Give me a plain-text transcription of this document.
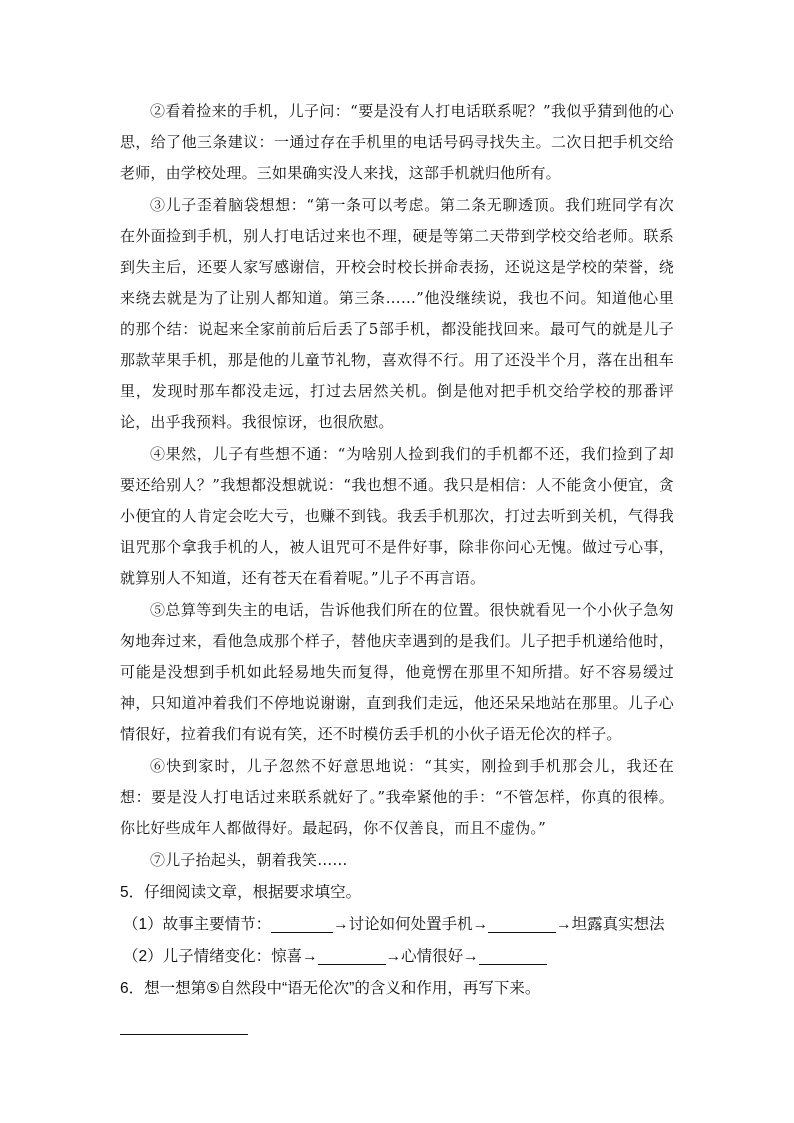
②看着捡来的手机，儿子问：“要是没有人打电话联系呢？”我似乎猜到他的心思，给了他三条建议：一通过存在手机里的电话号码寻找失主。二次日把手机交给老师，由学校处理。三如果确实没人来找，这部手机就归他所有。

③儿子歪着脑袋想想：“第一条可以考虑。第二条无聊透顶。我们班同学有次在外面捡到手机，别人打电话过来也不理，硬是等第二天带到学校交给老师。联系到失主后，还要人家写感谢信，开校会时校长拼命表扬，还说这是学校的荣誉，绕来绕去就是为了让别人都知道。第三条……”他没继续说，我也不问。知道他心里的那个结：说起来全家前前后后丢了5部手机，都没能找回来。最可气的就是儿子那款苹果手机，那是他的儿童节礼物，喜欢得不行。用了还没半个月，落在出租车里，发现时那车都没走远，打过去居然关机。倒是他对把手机交给学校的那番评论，出乎我预料。我很惊讶，也很欣慰。

④果然，儿子有些想不通：“为啥别人捡到我们的手机都不还，我们捡到了却要还给别人？”我想都没想就说：“我也想不通。我只是相信：人不能贪小便宜，贪小便宜的人肯定会吃大亏，也赚不到钱。我丢手机那次，打过去听到关机，气得我诅咒那个拿我手机的人，被人诅咒可不是件好事，除非你问心无愧。做过亏心事，就算别人不知道，还有苍天在看着呢。”儿子不再言语。

⑤总算等到失主的电话，告诉他我们所在的位置。很快就看见一个小伙子急匆匆地奔过来，看他急成那个样子，替他庆幸遇到的是我们。儿子把手机递给他时，可能是没想到手机如此轻易地失而复得，他竟愣在那里不知所措。好不容易缓过神，只知道冲着我们不停地说谢谢，直到我们走远，他还呆呆地站在那里。儿子心情很好，拉着我们有说有笑，还不时模仿丢手机的小伙子语无伦次的样子。

⑥快到家时，儿子忽然不好意思地说：“其实，刚捡到手机那会儿，我还在想：要是没人打电话过来联系就好了。”我牵紧他的手：“不管怎样，你真的很棒。你比好些成年人都做得好。最起码，你不仅善良，而且不虚伪。”

⑦儿子抬起头，朝着我笑……

5．仔细阅读文章，根据要求填空。

（1）故事主要情节：	→讨论如何处置手机→	→坦露真实想法

（2）儿子情绪变化：惊喜→	→心情很好→

6．想一想第⑤自然段中“语无伦次”的含义和作用，再写下来。
